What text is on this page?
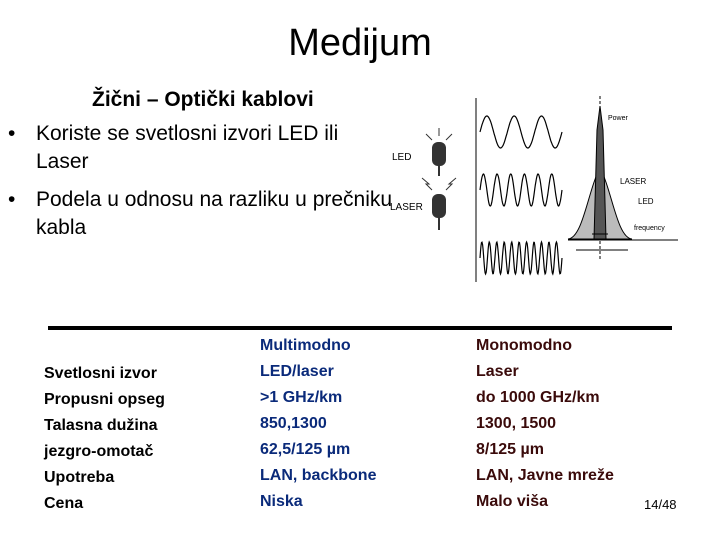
Medijum
Žični – Optički kablovi
• Koriste se svetlosni izvori LED ili Laser
• Podela u odnosu na razliku u prečniku kabla
LED
LASER
Power
LASER
LED
frequency
Svetlosni izvor
Propusni opseg
Talasna dužina
jezgro-omotač
Upotreba
Cena
Multimodno
LED/laser
>1 GHz/km
850,1300
62,5/125 µm
LAN, backbone
Niska
Monomodno
Laser
do 1000 GHz/km
1300, 1500
8/125 µm
LAN, Javne mreže
Malo viša	14/48
